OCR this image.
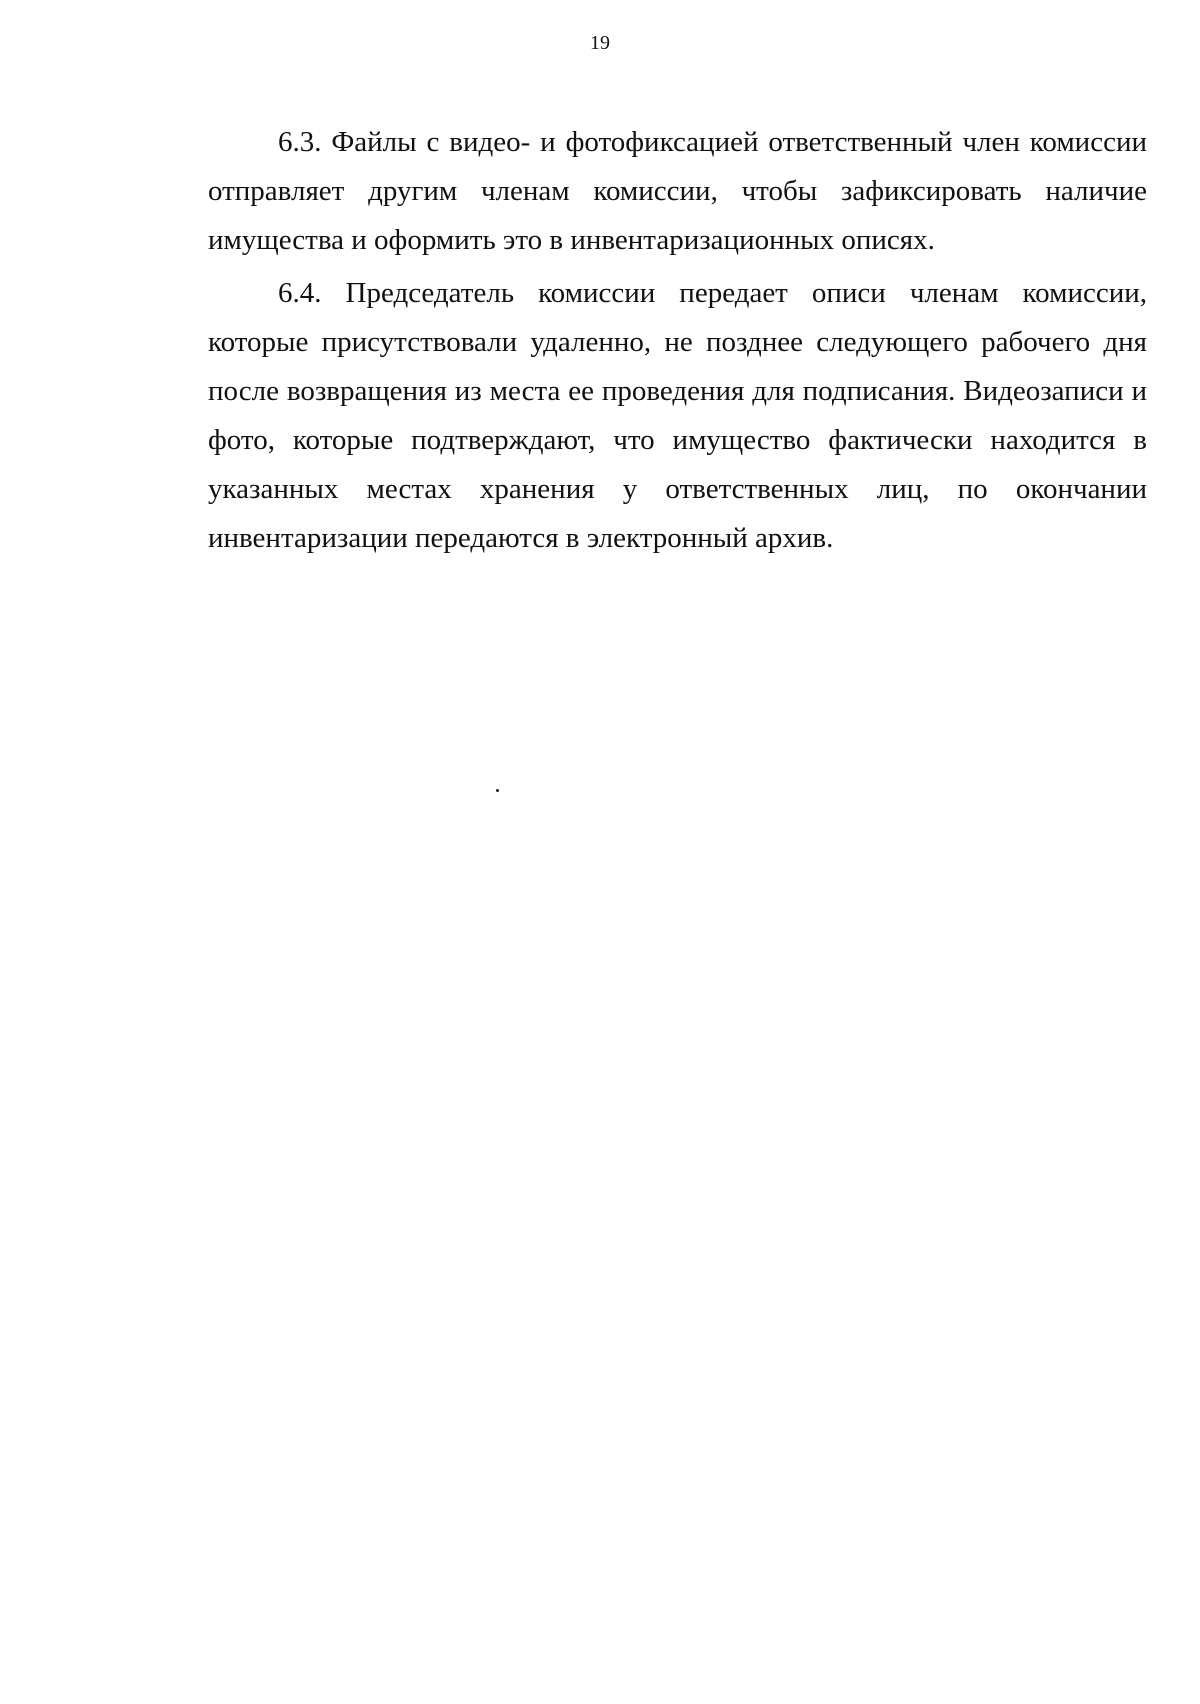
19

6.3. Файлы с видео- и фотофиксацией ответственный член комиссии отправляет другим членам комиссии, чтобы зафиксировать наличие имущества и оформить это в инвентаризационных описях.

6.4. Председатель комиссии передает описи членам комиссии, которые присутствовали удаленно, не позднее следующего рабочего дня после возвращения из места ее проведения для подписания. Видеозаписи и фото, которые подтверждают, что имущество фактически находится в указанных местах хранения у ответственных лиц, по окончании инвентаризации передаются в электронный архив.
